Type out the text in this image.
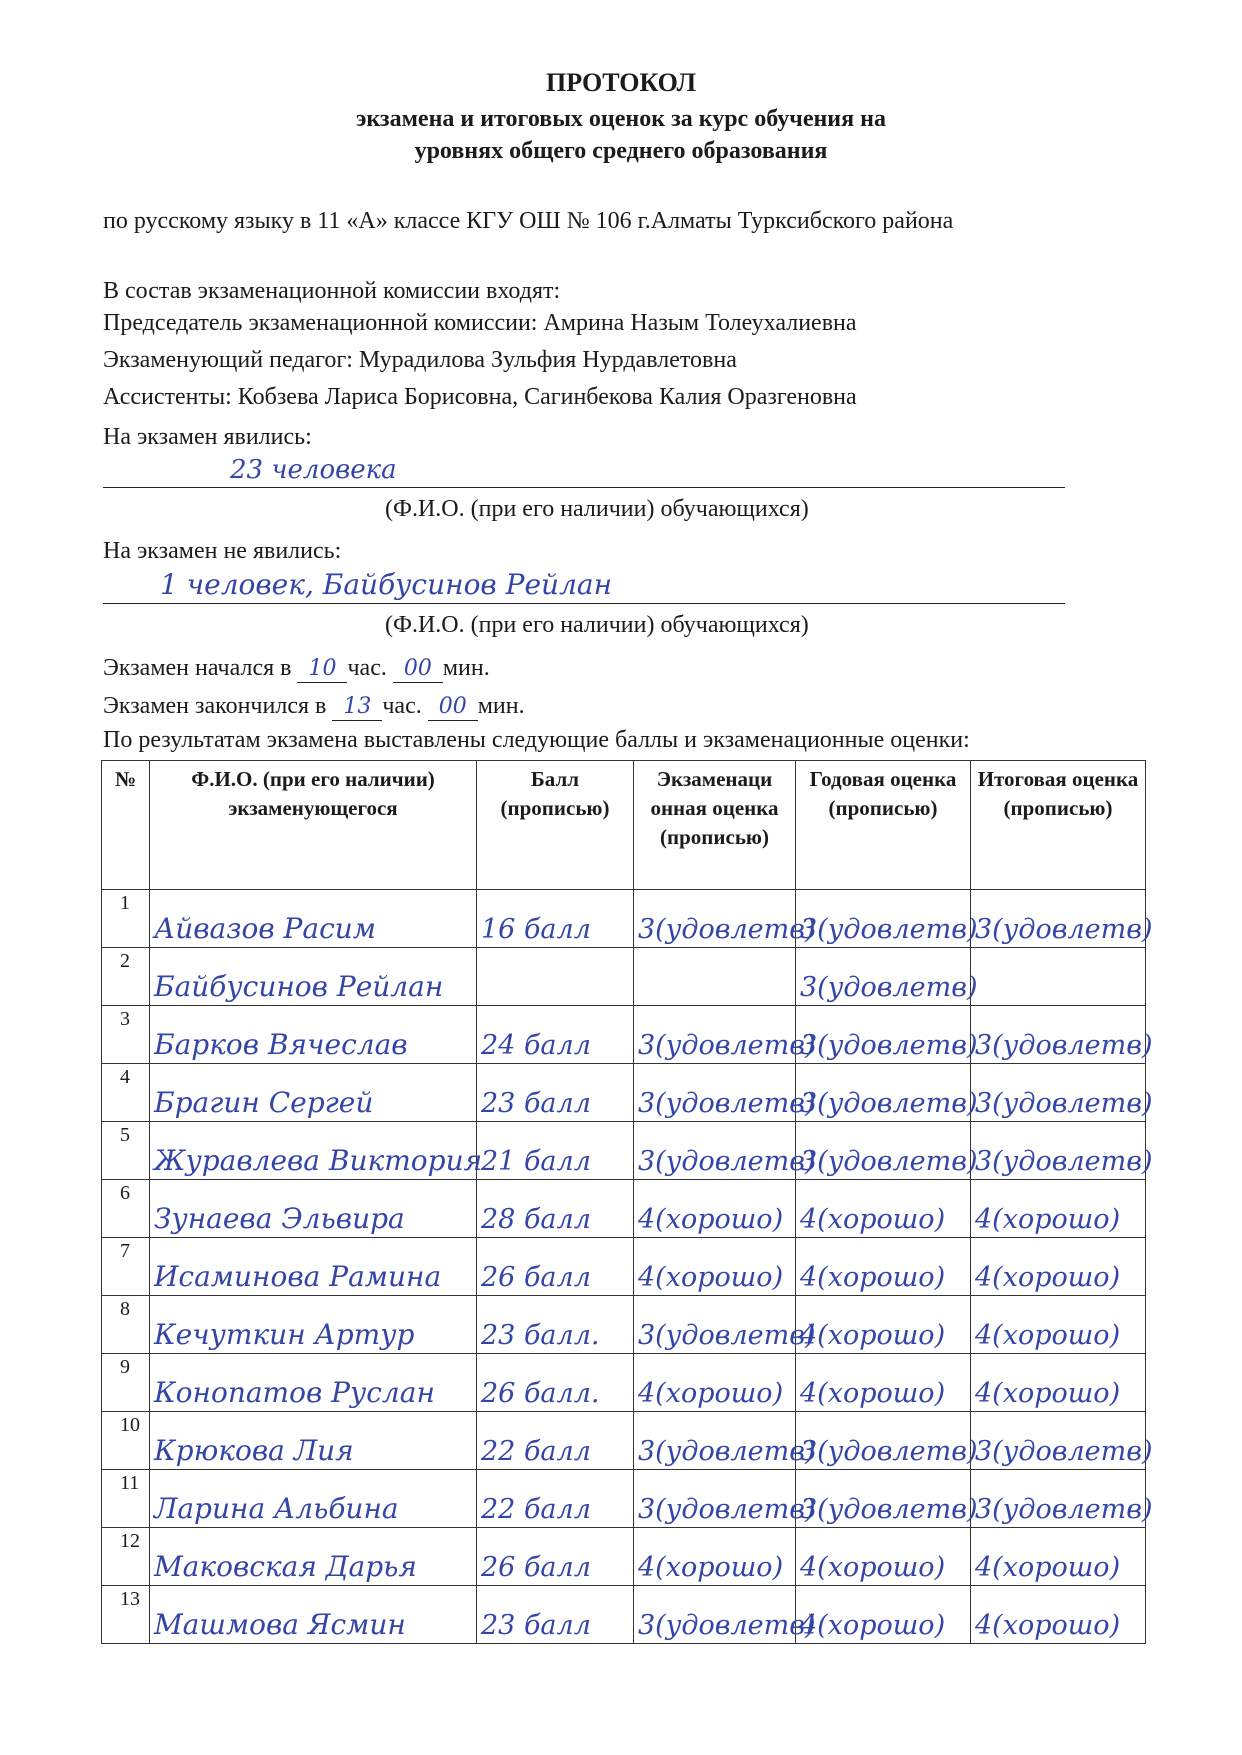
ПРОТОКОЛ
экзамена и итоговых оценок за курс обучения на
уровнях общего среднего образования
по русскому языку в 11 «А» классе КГУ ОШ № 106 г.Алматы Турксибского района
В состав экзаменационной комиссии входят:
Председатель экзаменационной комиссии: Амрина Назым Толеухалиевна
Экзаменующий педагог: Мурадилова Зульфия Нурдавлетовна
Ассистенты: Кобзева Лариса Борисовна, Сагинбекова Калия Оразгеновна
На экзамен явились:
23 человека
(Ф.И.О. (при его наличии) обучающихся)
На экзамен не явились:
1 человек, Байбусинов Рейлан
(Ф.И.О. (при его наличии) обучающихся)
Экзамен начался в 10 час. 00 мин.
Экзамен закончился в 13 час. 00 мин.
По результатам экзамена выставлены следующие баллы и экзаменационные оценки:
№	Ф.И.О. (при его наличии) экзаменующегося	Балл (прописью)	Экзаменаци онная оценка (прописью)	Годовая оценка (прописью)	Итоговая оценка (прописью)

1	Айвазов Расим	16 балл	3(удовлетв)	3(удовлетв)	3(удовлетв)

2	Байбусинов Рейлан			3(удовлетв)	

3	Барков Вячеслав	24 балл	3(удовлетв)	3(удовлетв)	3(удовлетв)

4	Брагин Сергей	23 балл	3(удовлетв)	3(удовлетв)	3(удовлетв)

5	Журавлева Виктория	21 балл	3(удовлетв)	3(удовлетв)	3(удовлетв)

6	Зунаева Эльвира	28 балл	4(хорошо)	4(хорошо)	4(хорошо)

7	Исаминова Рамина	26 балл	4(хорошо)	4(хорошо)	4(хорошо)

8	Кечуткин Артур	23 балл.	3(удовлетв)	4(хорошо)	4(хорошо)

9	Конопатов Руслан	26 балл.	4(хорошо)	4(хорошо)	4(хорошо)

10	Крюкова Лия	22 балл	3(удовлетв)	3(удовлетв)	3(удовлетв)

11	Ларина Альбина	22 балл	3(удовлетв)	3(удовлетв)	3(удовлетв)

12	Маковская Дарья	26 балл	4(хорошо)	4(хорошо)	4(хорошо)

13	Машмова Ясмин	23 балл	3(удовлетв)	4(хорошо)	4(хорошо)
